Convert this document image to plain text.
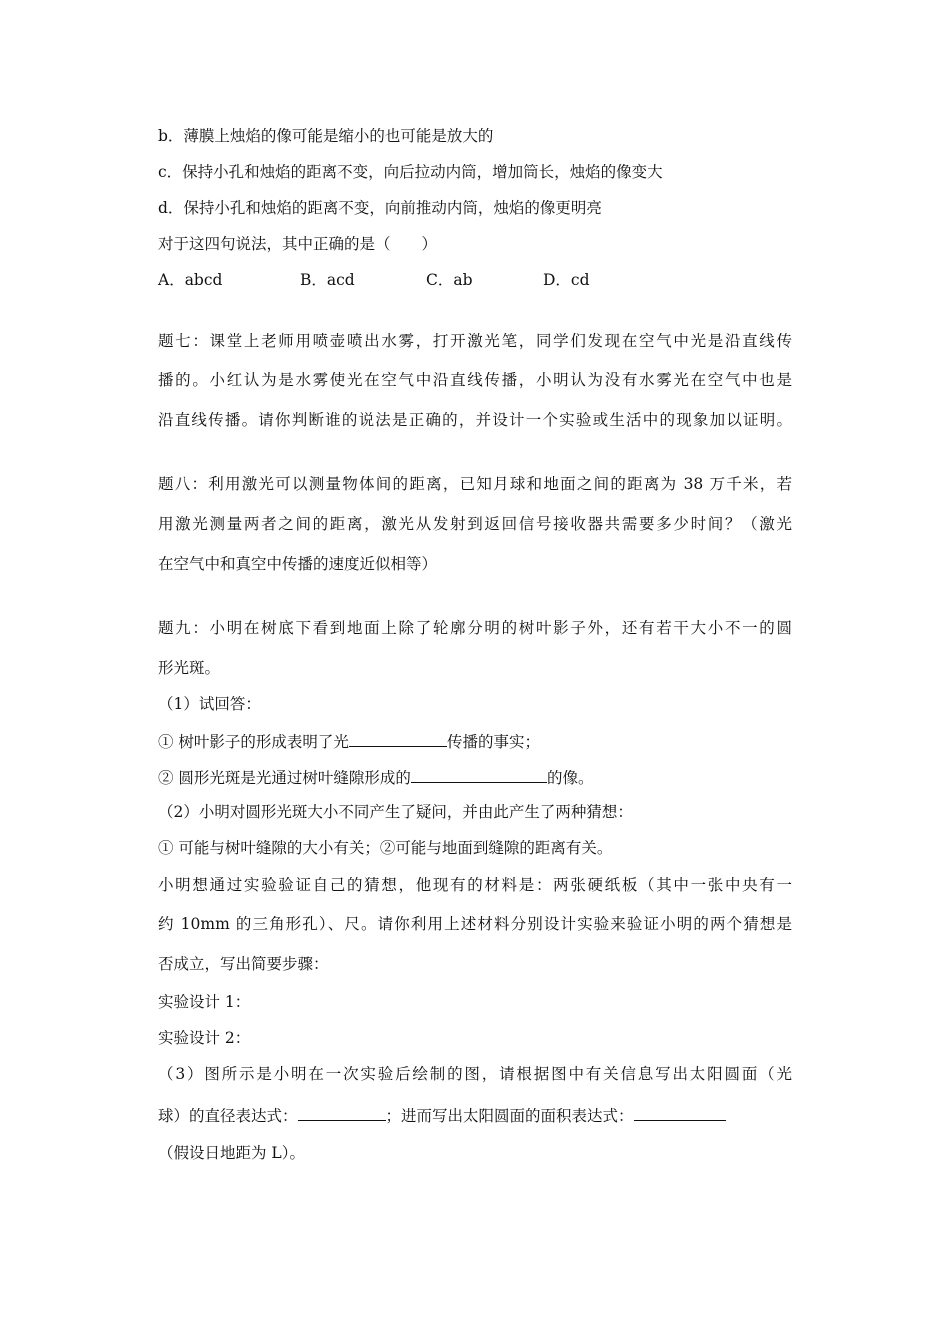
b．薄膜上烛焰的像可能是缩小的也可能是放大的
c．保持小孔和烛焰的距离不变，向后拉动内筒，增加筒长，烛焰的像变大
d．保持小孔和烛焰的距离不变，向前推动内筒，烛焰的像更明亮
对于这四句说法，其中正确的是（　　）
A．abcd	B．acd	C．ab	D．cd
题七：课堂上老师用喷壶喷出水雾，打开激光笔，同学们发现在空气中光是沿直线传
播的。小红认为是水雾使光在空气中沿直线传播，小明认为没有水雾光在空气中也是
沿直线传播。请你判断谁的说法是正确的，并设计一个实验或生活中的现象加以证明。
题八：利用激光可以测量物体间的距离，已知月球和地面之间的距离为 38 万千米，若
用激光测量两者之间的距离，激光从发射到返回信号接收器共需要多少时间？（激光
在空气中和真空中传播的速度近似相等）
题九：小明在树底下看到地面上除了轮廓分明的树叶影子外，还有若干大小不一的圆
形光斑。
（1）试回答：
① 树叶影子的形成表明了光	传播的事实；
② 圆形光斑是光通过树叶缝隙形成的	的像。
（2）小明对圆形光斑大小不同产生了疑问，并由此产生了两种猜想：
① 可能与树叶缝隙的大小有关；②可能与地面到缝隙的距离有关。
小明想通过实验验证自己的猜想，他现有的材料是：两张硬纸板（其中一张中央有一
约 10mm 的三角形孔）、尺。请你利用上述材料分别设计实验来验证小明的两个猜想是
否成立，写出简要步骤：
实验设计 1：
实验设计 2：
（3）图所示是小明在一次实验后绘制的图，请根据图中有关信息写出太阳圆面（光
球）的直径表达式：	；进而写出太阳圆面的面积表达式：
（假设日地距为 L）。
